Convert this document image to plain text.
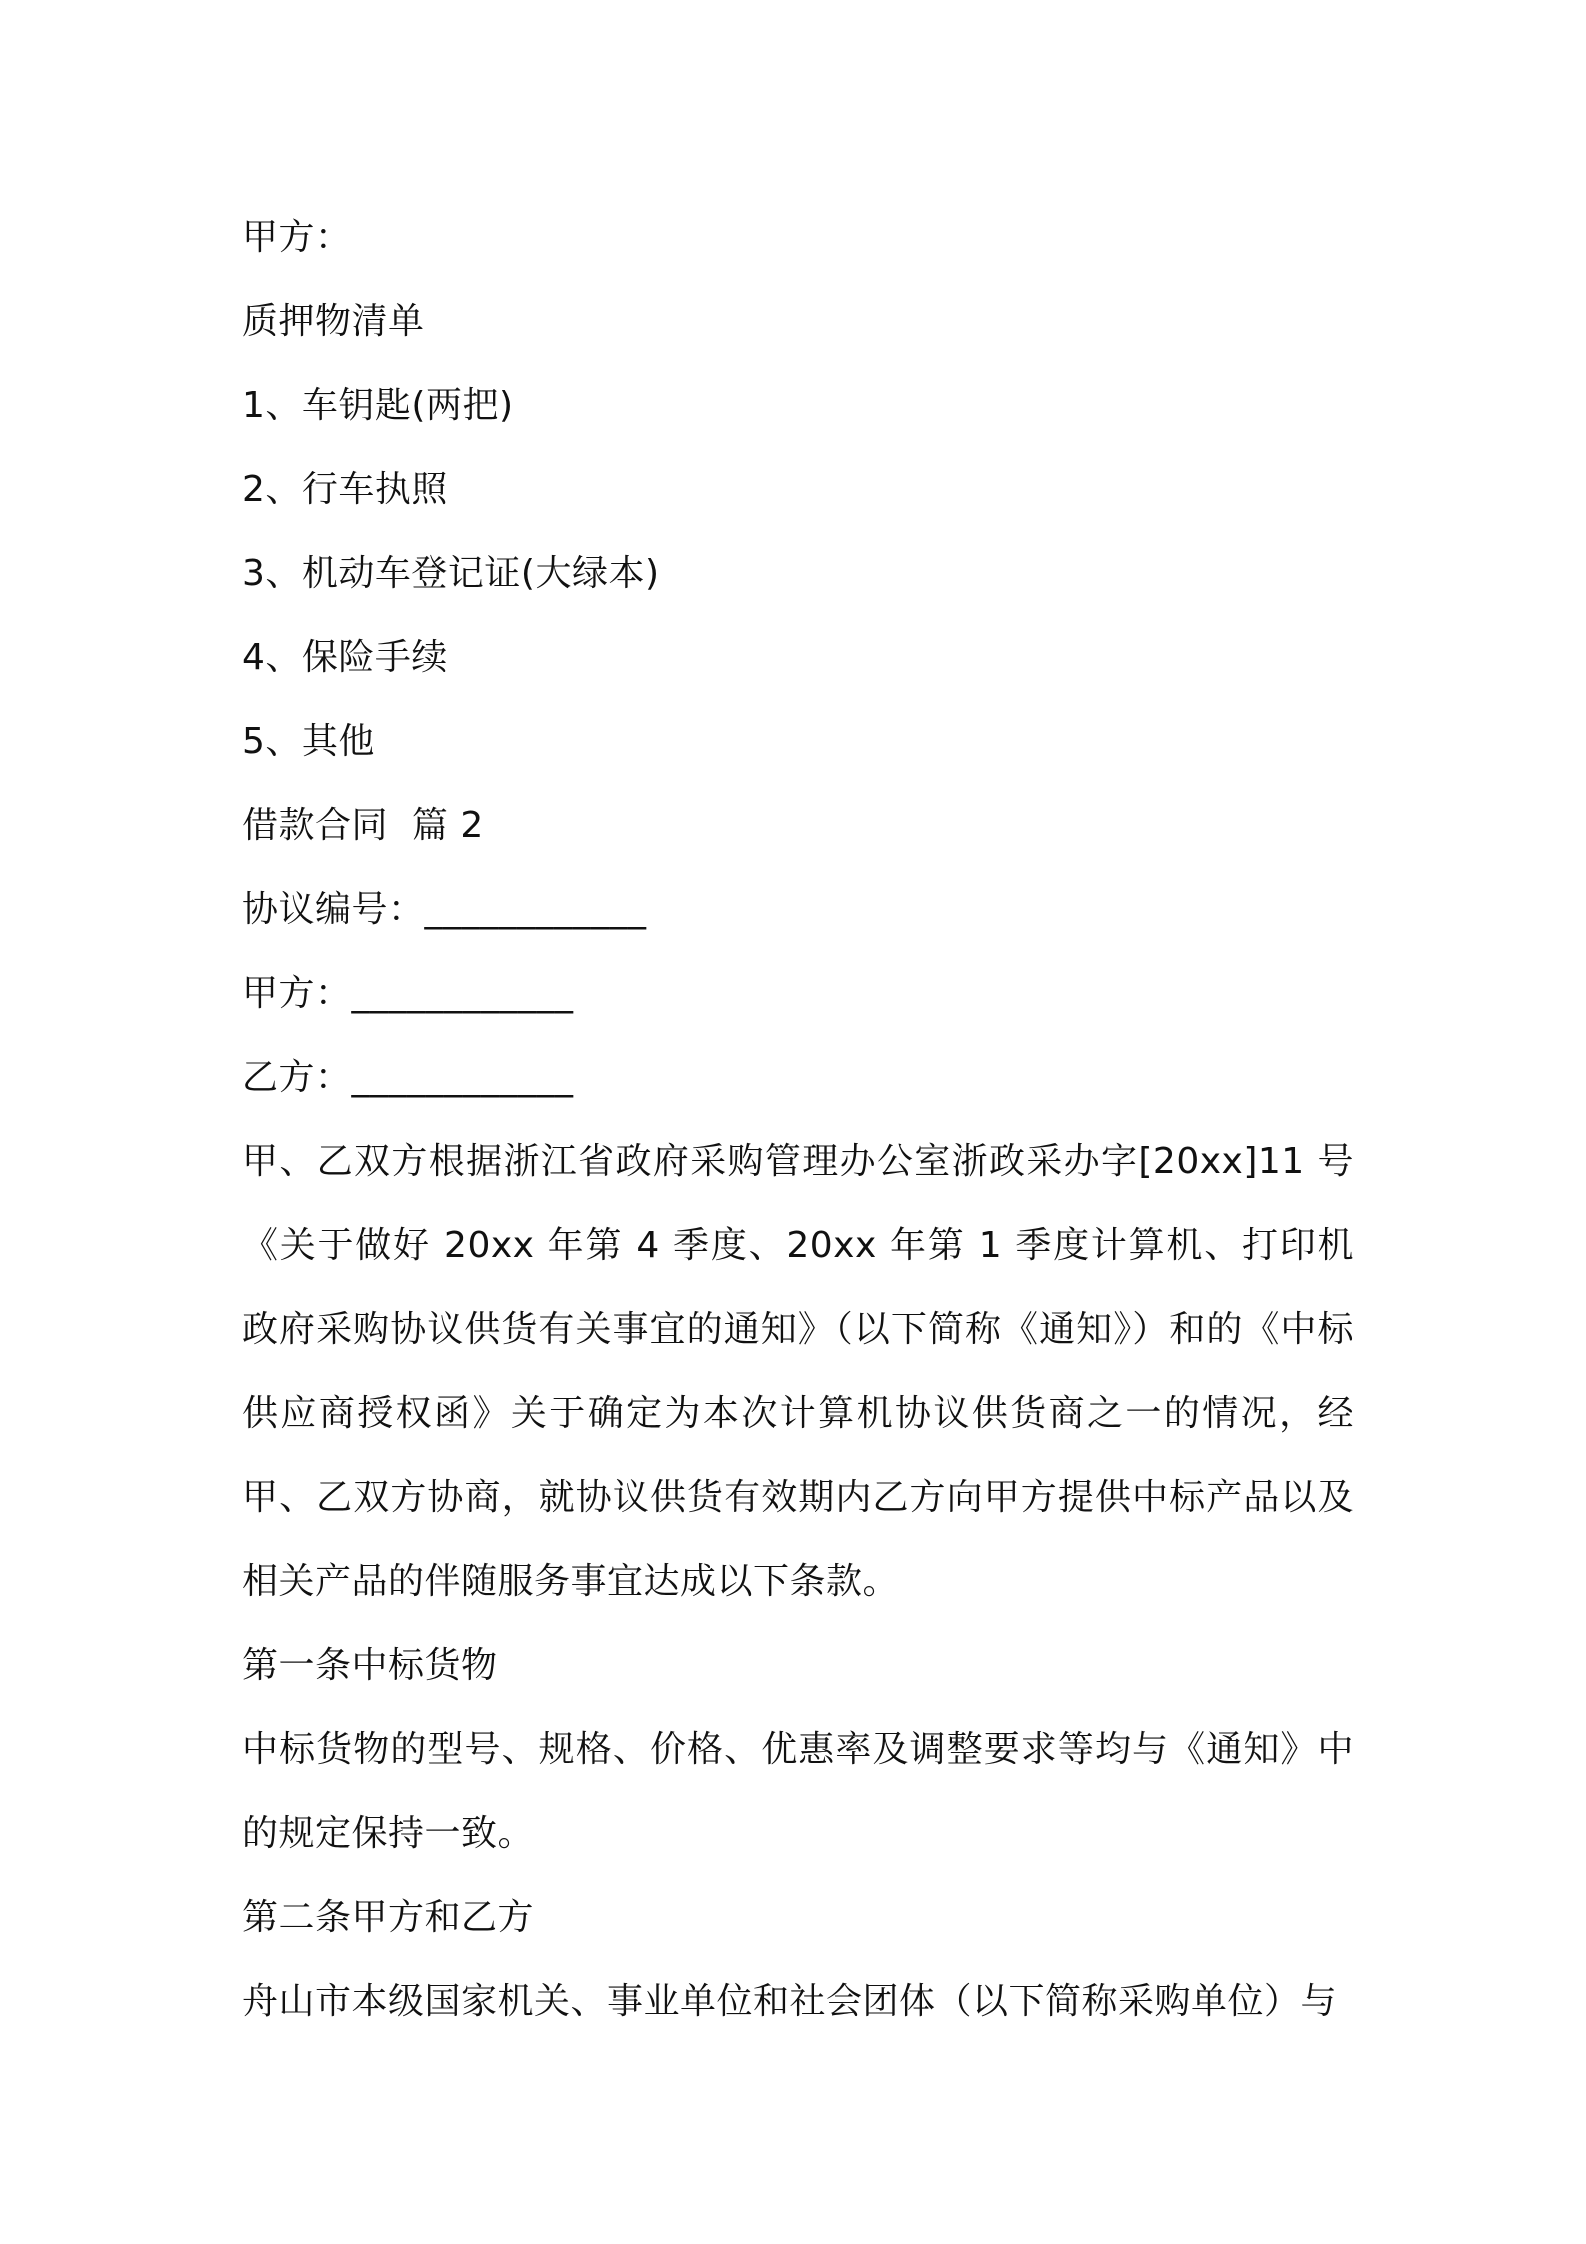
甲方：
质押物清单
1、车钥匙(两把)
2、行车执照
3、机动车登记证(大绿本)
4、保险手续
5、其他
借款合同  篇 2
协议编号：____________
甲方：____________
乙方：____________
甲、乙双方根据浙江省政府采购管理办公室浙政采办字[20xx]11 号《关于做好 20xx 年第 4 季度、20xx 年第 1 季度计算机、打印机政府采购协议供货有关事宜的通知》（以下简称《通知》）和的《中标供应商授权函》关于确定为本次计算机协议供货商之一的情况，经甲、乙双方协商，就协议供货有效期内乙方向甲方提供中标产品以及相关产品的伴随服务事宜达成以下条款。
第一条中标货物
中标货物的型号、规格、价格、优惠率及调整要求等均与《通知》中的规定保持一致。
第二条甲方和乙方
舟山市本级国家机关、事业单位和社会团体（以下简称采购单位）与
